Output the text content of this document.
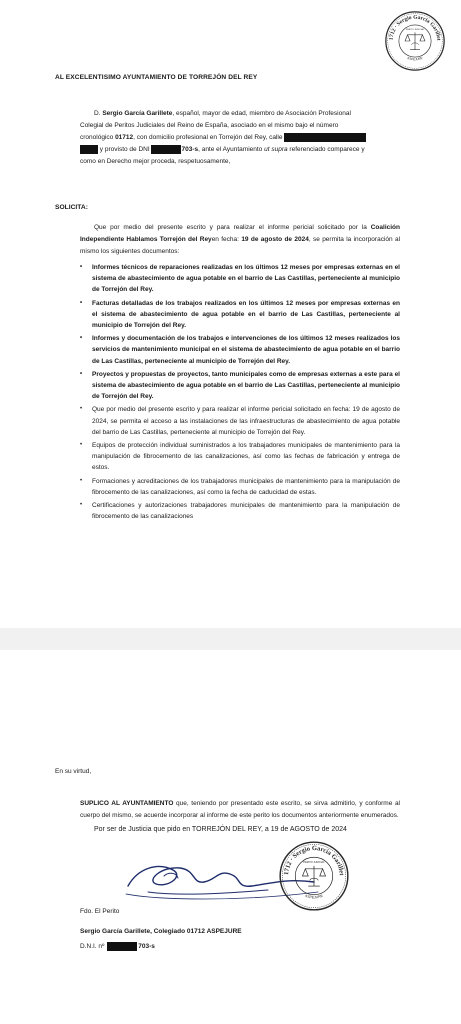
1712 · Sergio García Garillet
ASPEJURE
PERITO JUDICIAL
AL EXCELENTISIMO AYUNTAMIENTO DE TORREJÓN DEL REY
D. Sergio García Garillete, español, mayor de edad, miembro de Asociación Profesional
Colegial de Peritos Judiciales del Reino de España, asociado en el mismo bajo el número
cronológico 01712, con domicilio profesional en Torrejón del Rey, calle
y provisto de DNI	703-s, ante el Ayuntamiento ut supra referenciado comparece y
como en Derecho mejor proceda, respetuosamente,
SOLICITA:
Que por medio del presente escrito y para realizar el informe pericial solicitado por la Coalición Independiente Hablamos Torrejón del Reyen fecha: 19 de agosto de 2024, se permita la incorporación al mismo los siguientes documentos:
• Informes técnicos de reparaciones realizadas en los últimos 12 meses por empresas externas en el sistema de abastecimiento de agua potable en el barrio de Las Castillas, perteneciente al municipio de Torrejón del Rey.
• Facturas detalladas de los trabajos realizados en los últimos 12 meses por empresas externas en el sistema de abastecimiento de agua potable en el barrio de Las Castillas, perteneciente al municipio de Torrejón del Rey.
• Informes y documentación de los trabajos e intervenciones de los últimos 12 meses realizados los servicios de mantenimiento municipal en el sistema de abastecimiento de agua potable en el barrio de Las Castillas, perteneciente al municipio de Torrejón del Rey.
• Proyectos y propuestas de proyectos, tanto municipales como de empresas externas a este para el sistema de abastecimiento de agua potable en el barrio de Las Castillas, perteneciente al municipio de Torrejón del Rey.
• Que por medio del presente escrito y para realizar el informe pericial solicitado en fecha: 19 de agosto de 2024, se permita el acceso a las instalaciones de las infraestructuras de abastecimiento de agua potable del barrio de Las Castillas, perteneciente al municipio de Torrejón del Rey.
• Equipos de protección individual suministrados a los trabajadores municipales de mantenimiento para la manipulación de fibrocemento de las canalizaciones, así como las fechas de fabricación y entrega de estos.
• Formaciones y acreditaciones de los trabajadores municipales de mantenimiento para la manipulación de fibrocemento de las canalizaciones, así como la fecha de caducidad de estas.
• Certificaciones y autorizaciones trabajadores municipales de mantenimiento para la manipulación de fibrocemento de las canalizaciones
En su virtud,
SUPLICO AL AYUNTAMIENTO que, teniendo por presentado este escrito, se sirva admitirlo, y conforme al cuerpo del mismo, se acuerde incorporar al informe de este perito los documentos anteriormente enumerados.
Por ser de Justicia que pido en TORREJÓN DEL REY, a 19 de AGOSTO de 2024
1712 · Sergio García Garillet
ASPEJURE
PERITO JUDICIAL
Fdo. El Perito
Sergio García Garillete, Colegiado 01712 ASPEJURE
D.N.I. nº	703-s
